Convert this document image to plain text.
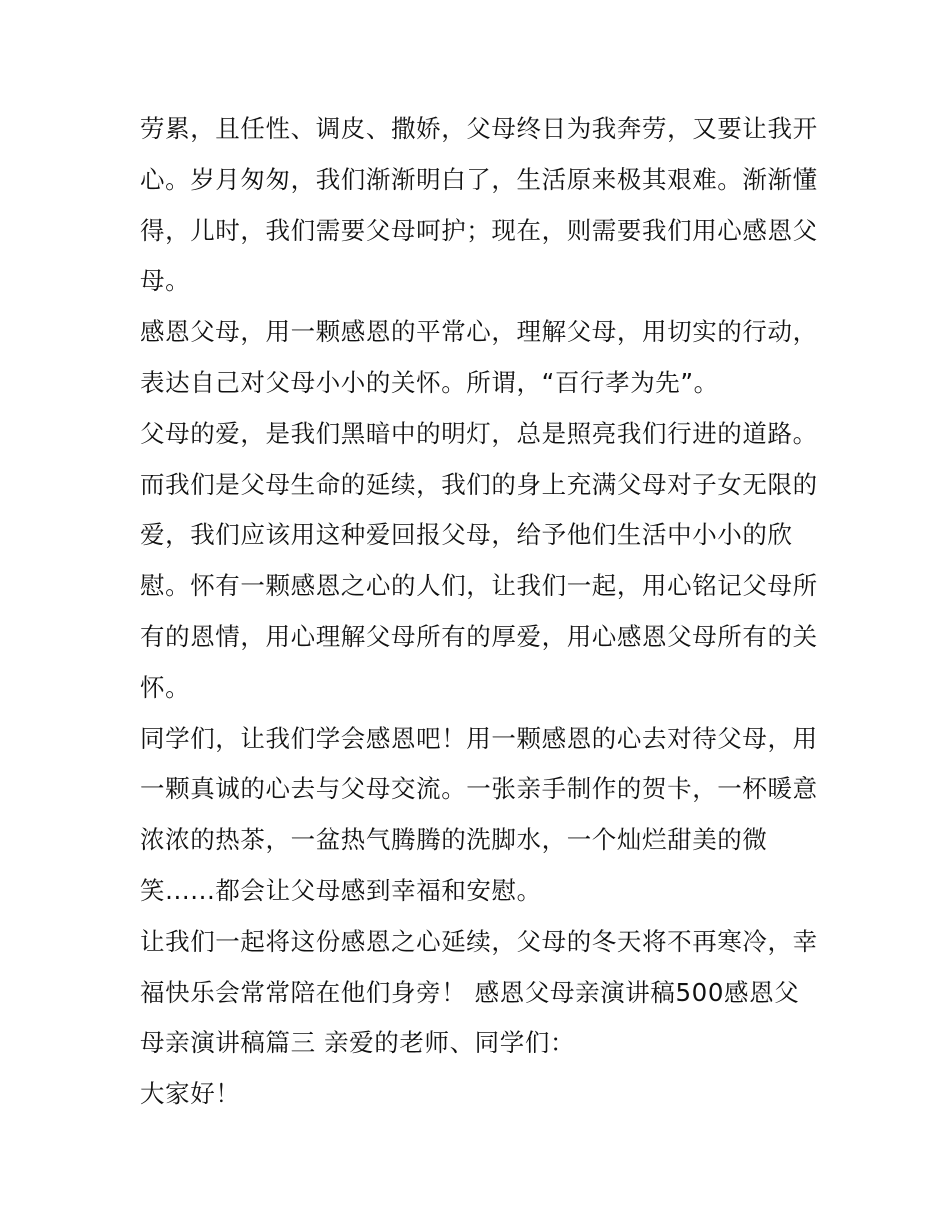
劳累，且任性、调皮、撒娇，父母终日为我奔劳，又要让我开
心。岁月匆匆，我们渐渐明白了，生活原来极其艰难。渐渐懂
得，儿时，我们需要父母呵护；现在，则需要我们用心感恩父
母。
感恩父母，用一颗感恩的平常心，理解父母，用切实的行动，
表达自己对父母小小的关怀。所谓，“百行孝为先”。
父母的爱，是我们黑暗中的明灯，总是照亮我们行进的道路。
而我们是父母生命的延续，我们的身上充满父母对子女无限的
爱，我们应该用这种爱回报父母，给予他们生活中小小的欣
慰。怀有一颗感恩之心的人们，让我们一起，用心铭记父母所
有的恩情，用心理解父母所有的厚爱，用心感恩父母所有的关
怀。
同学们，让我们学会感恩吧！用一颗感恩的心去对待父母，用
一颗真诚的心去与父母交流。一张亲手制作的贺卡，一杯暖意
浓浓的热茶，一盆热气腾腾的洗脚水，一个灿烂甜美的微
笑......都会让父母感到幸福和安慰。
让我们一起将这份感恩之心延续，父母的冬天将不再寒冷，幸
福快乐会常常陪在他们身旁！ 感恩父母亲演讲稿500感恩父
母亲演讲稿篇三 亲爱的老师、同学们：
大家好！
